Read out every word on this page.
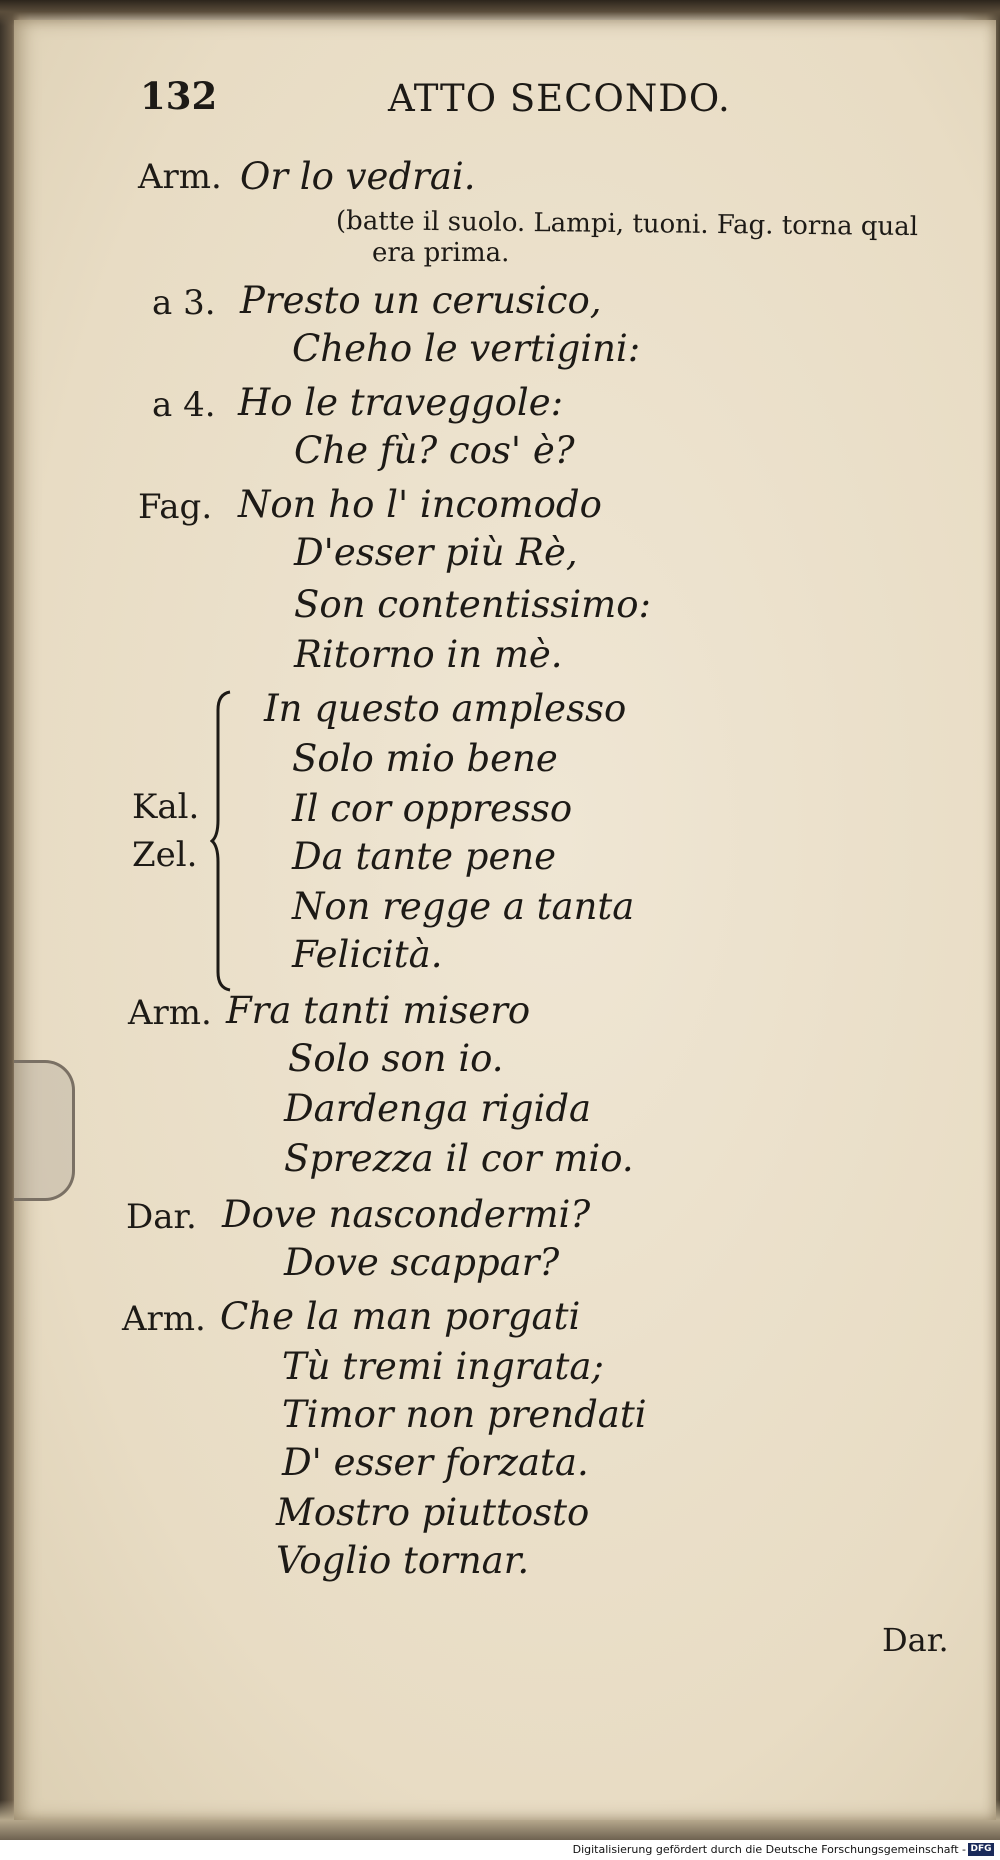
132	ATTO SECONDO.
Arm. Or lo vedrai.
(batte il suolo. Lampi, tuoni. Fag. torna qual
era prima.
a 3. Presto un cerusico,
Cheho le vertigini:
a 4. Ho le traveggole:
Che fù? cos' è?
Fag. Non ho l' incomodo
D'esser più Rè,
Son contentissimo:
Ritorno in mè.
Kal.
Zel.
In questo amplesso
Solo mio bene
Il cor oppresso
Da tante pene
Non regge a tanta
Felicità.
Arm. Fra tanti misero
Solo son io.
Dardenga rigida
Sprezza il cor mio.
Dar. Dove nascondermi?
Dove scappar?
Arm. Che la man porgati
Tù tremi ingrata;
Timor non prendati
D' esser forzata.
Mostro piuttosto
Voglio tornar.
Dar.
Digitalisierung gefördert durch die Deutsche Forschungsgemeinschaft - DFG
